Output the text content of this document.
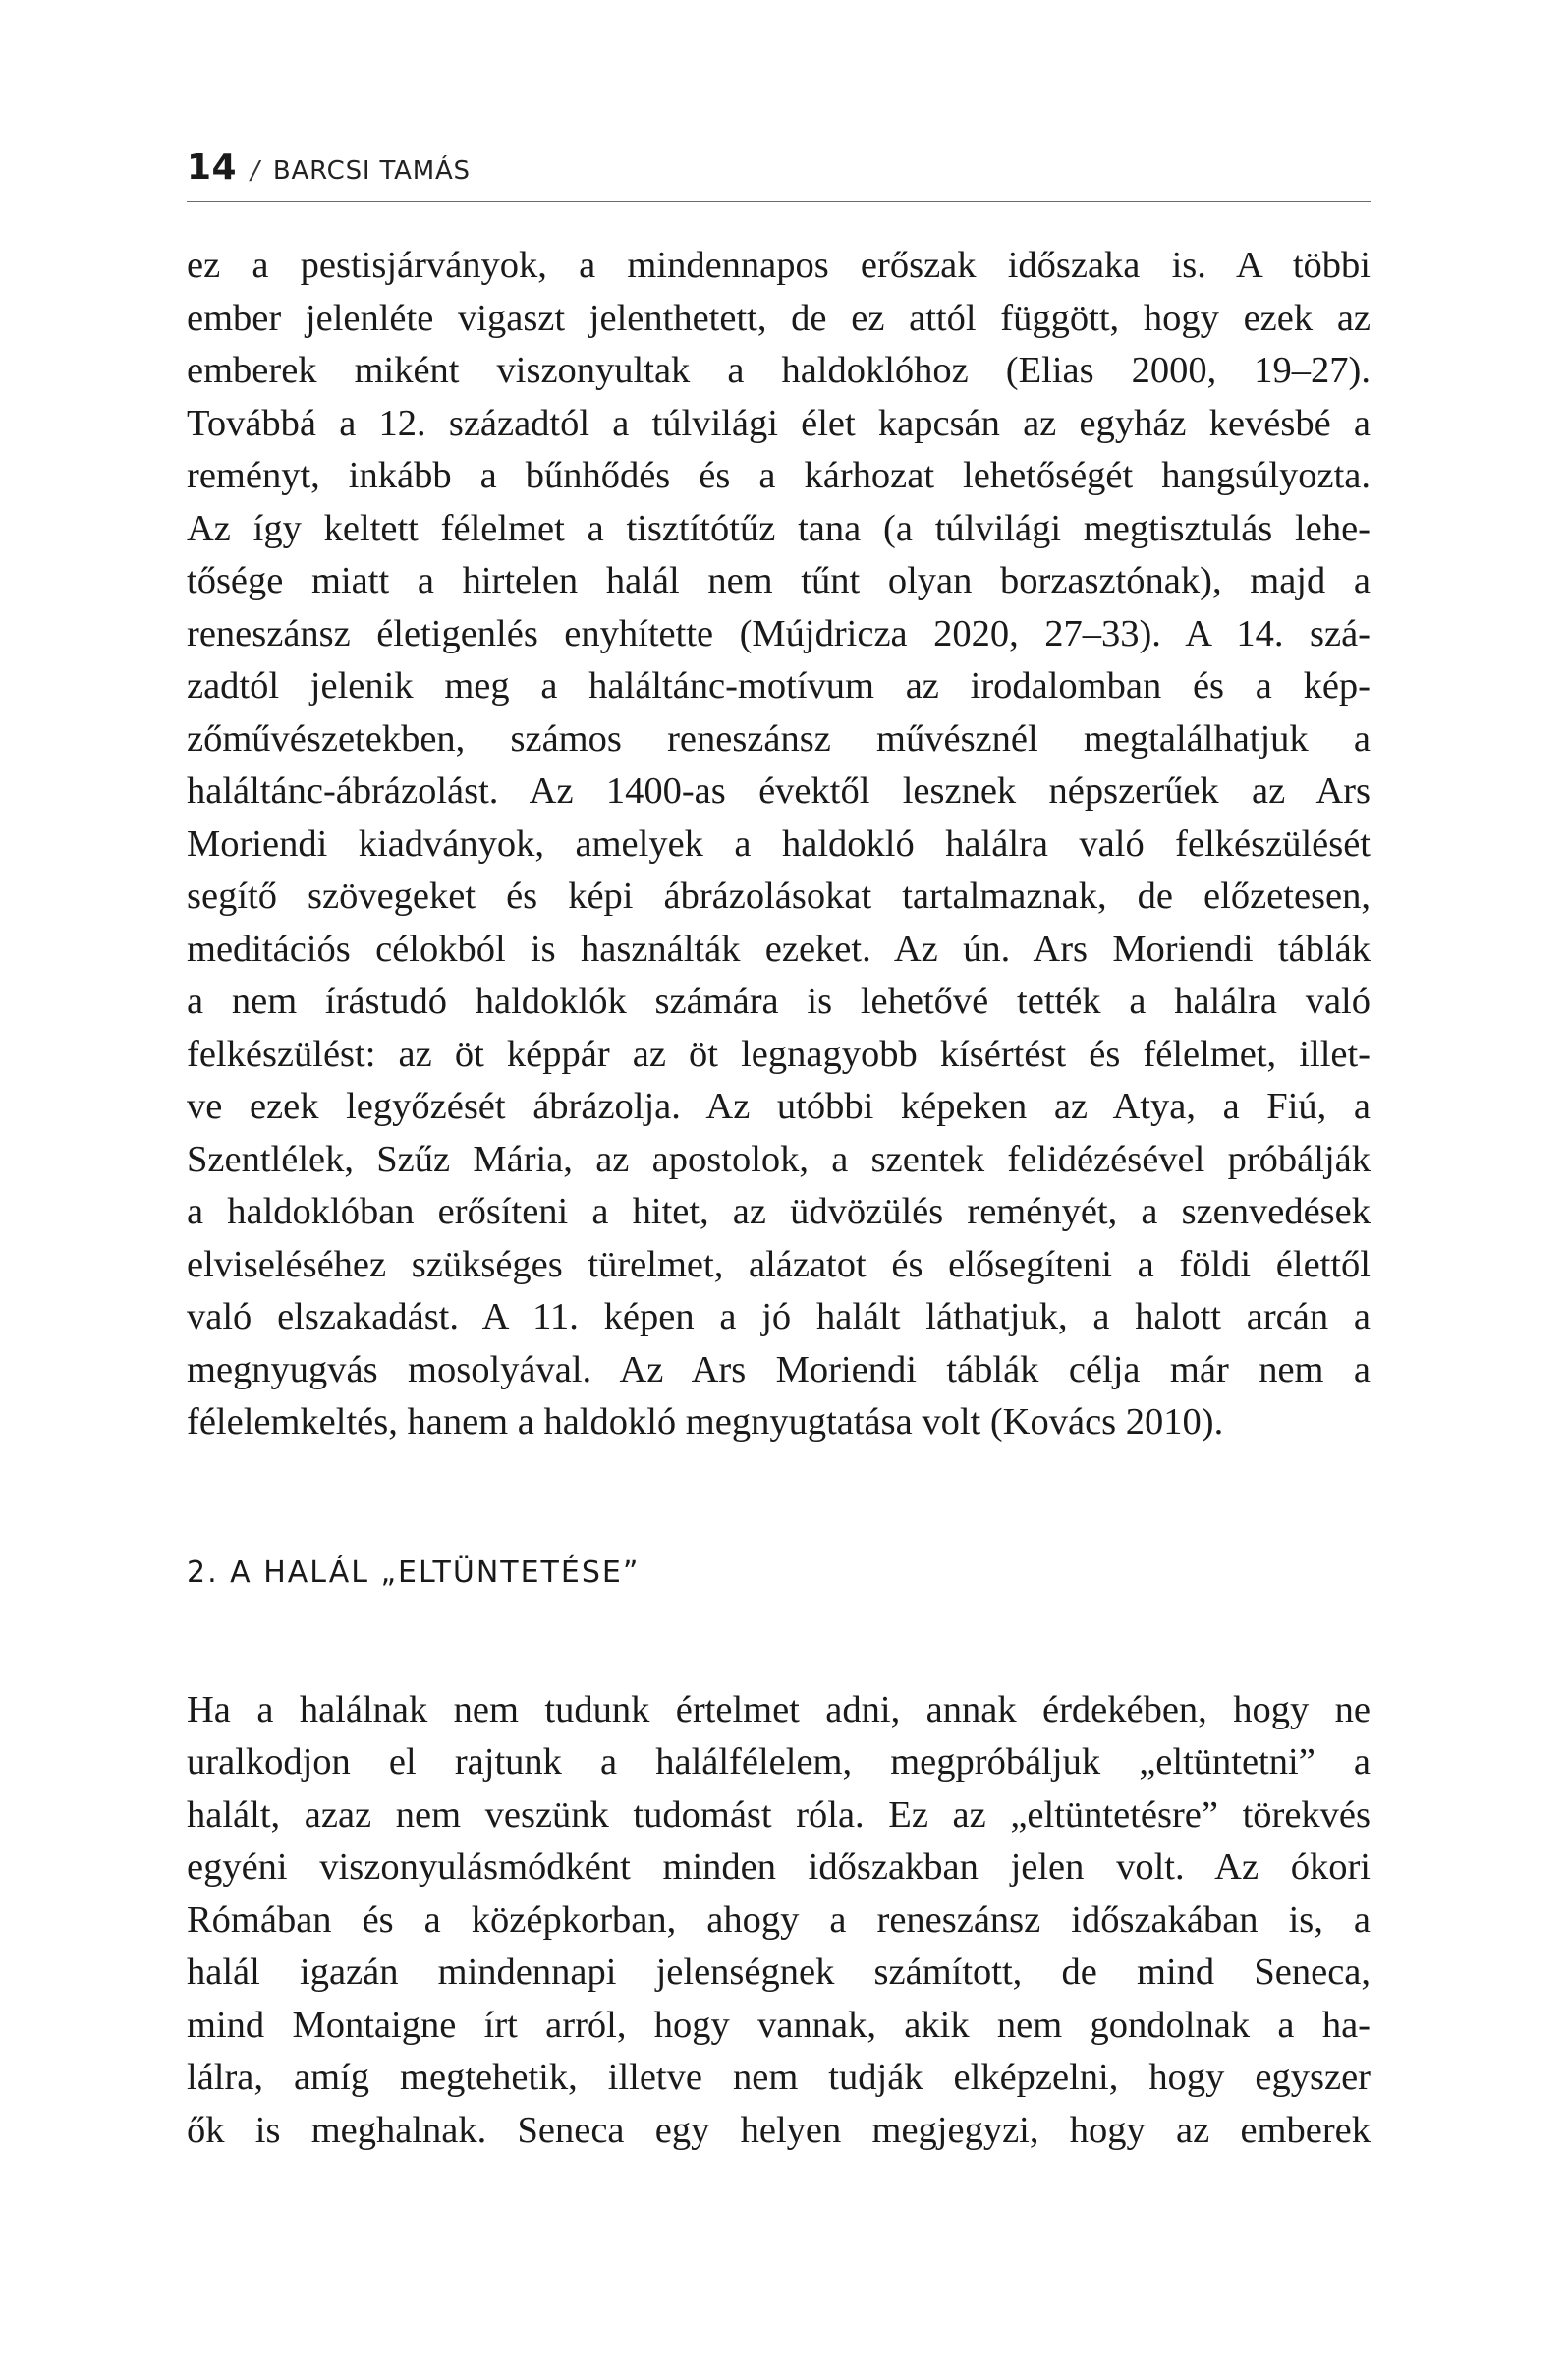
14 / BARCSI TAMÁS

ez a pestisjárványok, a mindennapos erőszak időszaka is. A többi
ember jelenléte vigaszt jelenthetett, de ez attól függött, hogy ezek az
emberek miként viszonyultak a haldoklóhoz (Elias 2000, 19–27).
Továbbá a 12. századtól a túlvilági élet kapcsán az egyház kevésbé a
reményt, inkább a bűnhődés és a kárhozat lehetőségét hangsúlyozta.
Az így keltett félelmet a tisztítótűz tana (a túlvilági megtisztulás lehe-
tősége miatt a hirtelen halál nem tűnt olyan borzasztónak), majd a
reneszánsz életigenlés enyhítette (Mújdricza 2020, 27–33). A 14. szá-
zadtól jelenik meg a haláltánc-motívum az irodalomban és a kép-
zőművészetekben, számos reneszánsz művésznél megtalálhatjuk a
haláltánc-ábrázolást. Az 1400-as évektől lesznek népszerűek az Ars
Moriendi kiadványok, amelyek a haldokló halálra való felkészülését
segítő szövegeket és képi ábrázolásokat tartalmaznak, de előzetesen,
meditációs célokból is használták ezeket. Az ún. Ars Moriendi táblák
a nem írástudó haldoklók számára is lehetővé tették a halálra való
felkészülést: az öt képpár az öt legnagyobb kísértést és félelmet, illet-
ve ezek legyőzését ábrázolja. Az utóbbi képeken az Atya, a Fiú, a
Szentlélek, Szűz Mária, az apostolok, a szentek felidézésével próbálják
a haldoklóban erősíteni a hitet, az üdvözülés reményét, a szenvedések
elviseléséhez szükséges türelmet, alázatot és elősegíteni a földi élettől
való elszakadást. A 11. képen a jó halált láthatjuk, a halott arcán a
megnyugvás mosolyával. Az Ars Moriendi táblák célja már nem a
félelemkeltés, hanem a haldokló megnyugtatása volt (Kovács 2010).

2. A HALÁL „ELTÜNTETÉSE”

Ha a halálnak nem tudunk értelmet adni, annak érdekében, hogy ne
uralkodjon el rajtunk a halálfélelem, megpróbáljuk „eltüntetni” a
halált, azaz nem veszünk tudomást róla. Ez az „eltüntetésre” törekvés
egyéni viszonyulásmódként minden időszakban jelen volt. Az ókori
Rómában és a középkorban, ahogy a reneszánsz időszakában is, a
halál igazán mindennapi jelenségnek számított, de mind Seneca,
mind Montaigne írt arról, hogy vannak, akik nem gondolnak a ha-
lálra, amíg megtehetik, illetve nem tudják elképzelni, hogy egyszer
ők is meghalnak. Seneca egy helyen megjegyzi, hogy az emberek
